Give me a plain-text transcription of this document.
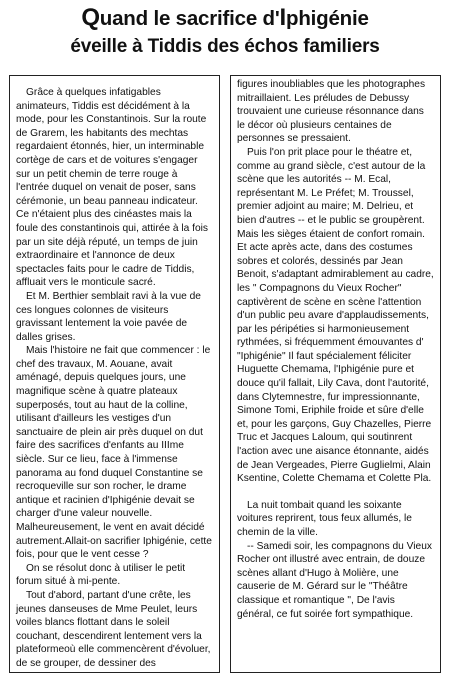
Quand le sacrifice d'Iphigénie
éveille à Tiddis des échos familiers

Grâce à quelques infatigables animateurs, Tiddis est décidément à la mode, pour les Constantinois. Sur la route de Grarem, les habitants des mechtas regardaient étonnés, hier, un interminable cortège de cars et de voitures s'engager sur un petit chemin de terre rouge à l'entrée duquel on venait de poser, sans cérémonie, un beau panneau indicateur. Ce n'étaient plus des cinéastes mais la foule des constantinois qui, attirée à la fois par un site déjà réputé, un temps de juin extraordinaire et l'annonce de deux spectacles faits pour le cadre de Tiddis, affluait vers le monticule sacré.

Et M. Berthier semblait ravi à la vue de ces longues colonnes de visiteurs gravissant lentement la voie pavée de dalles grises.

Mais l'histoire ne fait que commencer : le chef des travaux, M. Aouane, avait aménagé, depuis quelques jours, une magnifique scène à quatre plateaux superposés, tout au haut de la colline, utilisant d'ailleurs les vestiges d'un sanctuaire de plein air près duquel on dut faire des sacrifices d'enfants au IIIme siècle. Sur ce lieu, face à l'immense panorama au fond duquel Constantine se recroqueville sur son rocher, le drame antique et racinien d'Iphigénie devait se charger d'une valeur nouvelle. Malheureusement, le vent en avait décidé autrement.Allait-on sacrifier Iphigénie, cette fois, pour que le vent cesse ?

On se résolut donc à utiliser le petit forum situé à mi-pente.

Tout d'abord, partant d'une crête, les jeunes danseuses de Mme Peulet, leurs voiles blancs flottant dans le soleil couchant, descendirent lentement vers la plateformeoù elle commencèrent d'évoluer, de se grouper, de dessiner des

figures inoubliables que les photographes mitraillaient. Les préludes de Debussy trouvaient une curieuse résonnance dans le décor où plusieurs centaines de personnes se pressaient.

Puis l'on prit place pour le théatre et, comme au grand siècle, c'est autour de la scène que les autorités -- M. Ecal, représentant M. Le Préfet; M. Troussel, premier adjoint au maire; M. Delrieu, et bien d'autres -- et le public se groupèrent. Mais les sièges étaient de confort romain. Et acte après acte, dans des costumes sobres et colorés, dessinés par Jean Benoit, s'adaptant admirablement au cadre, les " Compagnons du Vieux Rocher" captivèrent de scène en scène l'attention d'un public peu avare d'applaudissements, par les péripéties si harmonieusement rythmées, si fréquemment émouvantes d' "Iphigénie" Il faut spécialement féliciter Huguette Chemama, l'Iphigénie pure et douce qu'il fallait, Lily Cava, dont l'autorité, dans Clytemnestre, fur impressionnante, Simone Tomi, Eriphile froide et sûre d'elle et, pour les garçons, Guy Chazelles, Pierre Truc et Jacques Laloum, qui soutinrent l'action avec une aisance étonnante, aidés de Jean Vergeades, Pierre Guglielmi, Alain Ksentine, Colette Chemama et Colette Pla.

La nuit tombait quand les soixante voitures reprirent, tous feux allumés, le chemin de la ville.

-- Samedi soir, les compagnons du Vieux Rocher ont illustré avec entrain, de douze scènes allant d'Hugo à Molière, une causerie de M. Gérard sur le "Théâtre classique et romantique ", De l'avis général, ce fut soirée fort sympathique.
